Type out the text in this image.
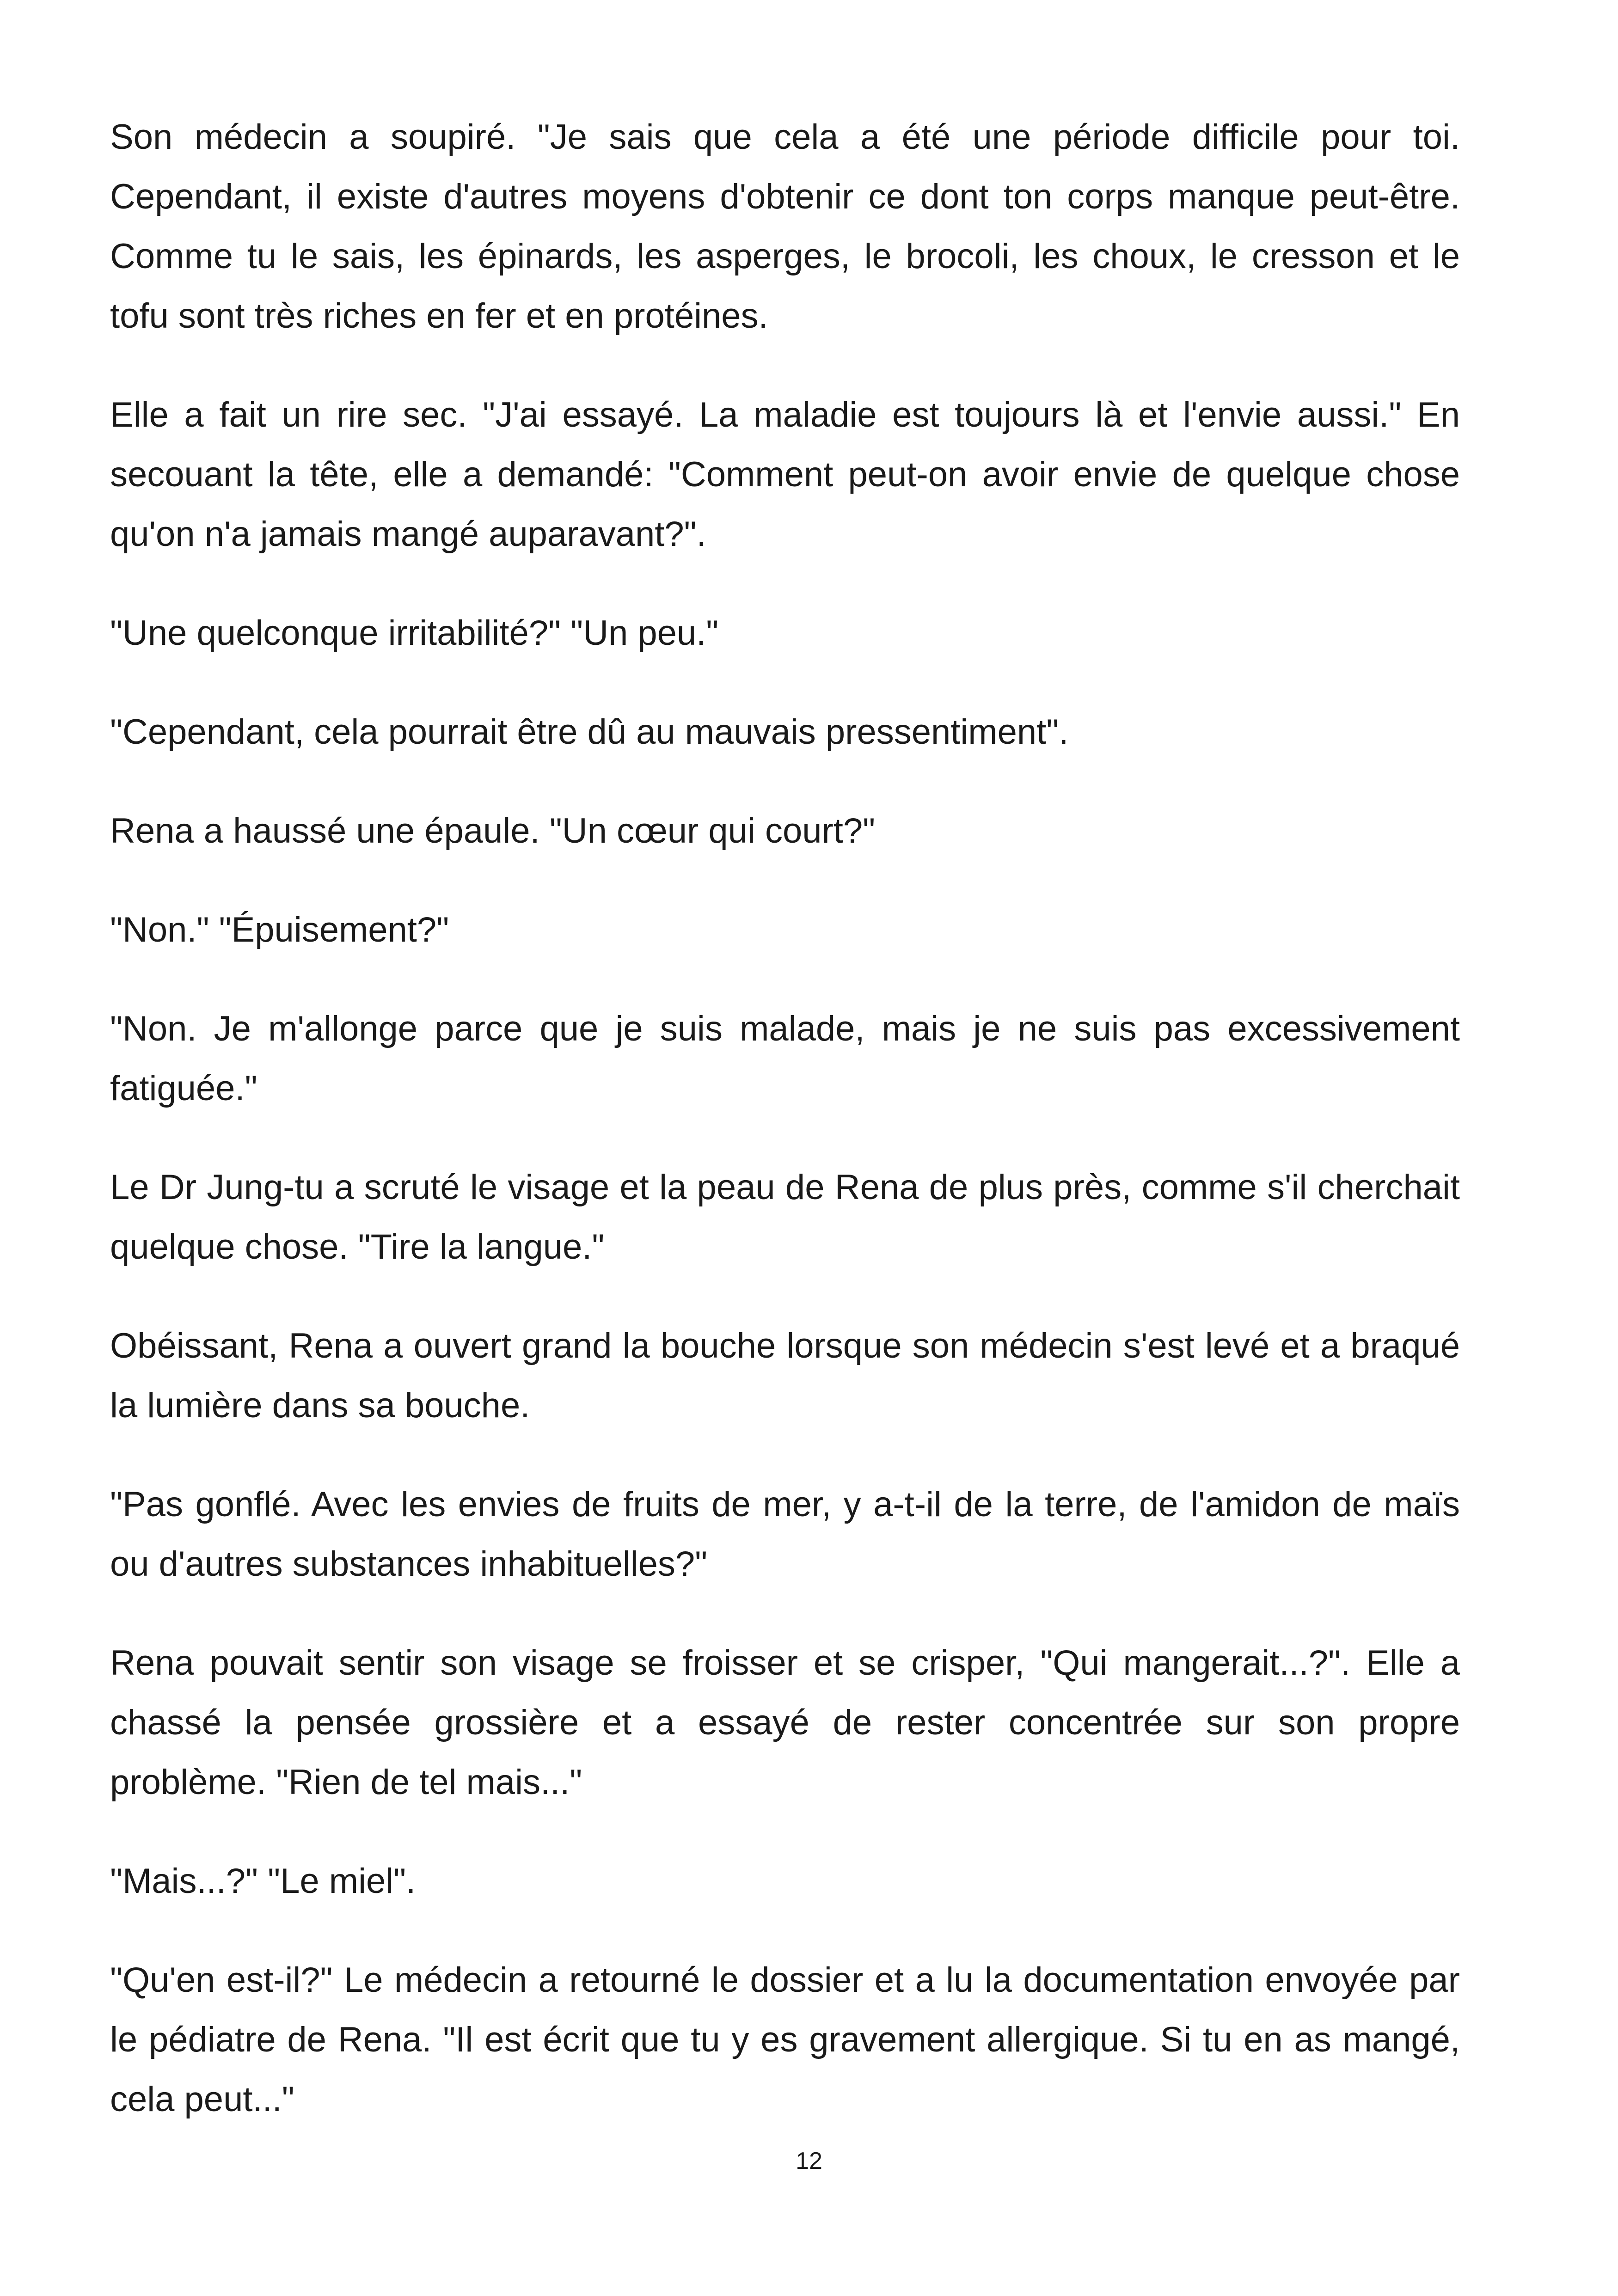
Son médecin a soupiré. "Je sais que cela a été une période difficile pour toi. Cependant, il existe d'autres moyens d'obtenir ce dont ton corps manque peut-être. Comme tu le sais, les épinards, les asperges, le brocoli, les choux, le cresson et le tofu sont très riches en fer et en protéines.

Elle a fait un rire sec. "J'ai essayé. La maladie est toujours là et l'envie aussi." En secouant la tête, elle a demandé: "Comment peut-on avoir envie de quelque chose qu'on n'a jamais mangé auparavant?".

"Une quelconque irritabilité?" "Un peu."

"Cependant, cela pourrait être dû au mauvais pressentiment".

Rena a haussé une épaule. "Un cœur qui court?"

"Non." "Épuisement?"

"Non. Je m'allonge parce que je suis malade, mais je ne suis pas excessivement fatiguée."

Le Dr Jung-tu a scruté le visage et la peau de Rena de plus près, comme s'il cherchait quelque chose. "Tire la langue."

Obéissant, Rena a ouvert grand la bouche lorsque son médecin s'est levé et a braqué la lumière dans sa bouche.

"Pas gonflé. Avec les envies de fruits de mer, y a-t-il de la terre, de l'amidon de maïs ou d'autres substances inhabituelles?"

Rena pouvait sentir son visage se froisser et se crisper, "Qui mangerait...?". Elle a chassé la pensée grossière et a essayé de rester concentrée sur son propre problème. "Rien de tel mais..."

"Mais...?" "Le miel".

"Qu'en est-il?" Le médecin a retourné le dossier et a lu la documentation envoyée par le pédiatre de Rena. "Il est écrit que tu y es gravement allergique. Si tu en as mangé, cela peut..."

12
